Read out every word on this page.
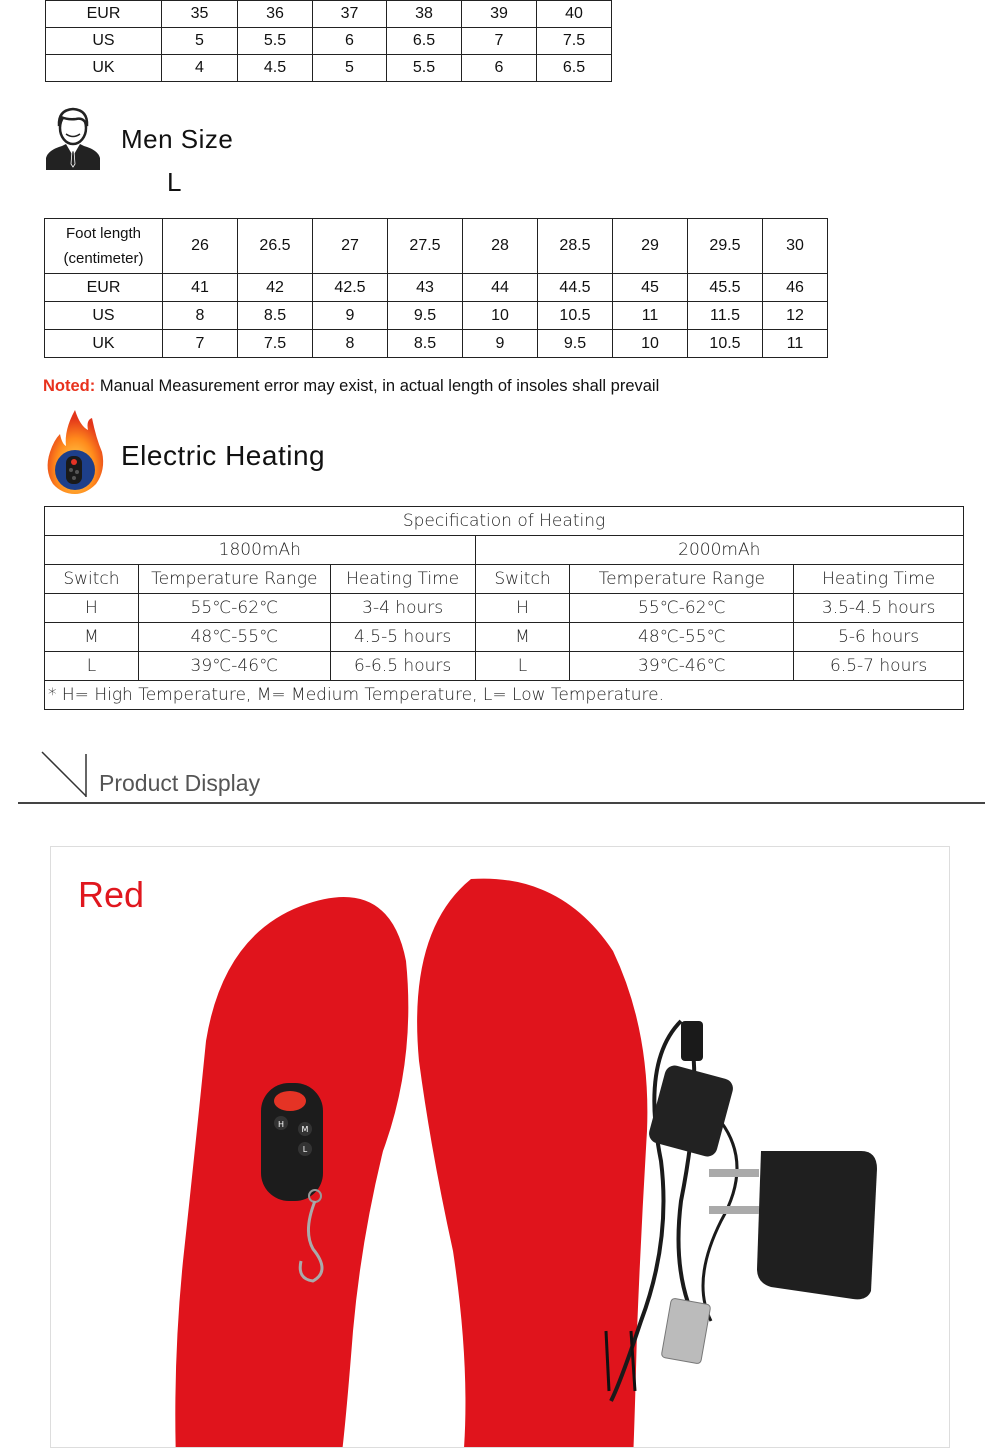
EUR	35	36	37	38	39	40
US	5	5.5	6	6.5	7	7.5
UK	4	4.5	5	5.5	6	6.5
Men Size
L
Foot length
(centimeter)	26	26.5	27	27.5	28	28.5	29	29.5	30
EUR	41	42	42.5	43	44	44.5	45	45.5	46
US	8	8.5	9	9.5	10	10.5	11	11.5	12
UK	7	7.5	8	8.5	9	9.5	10	10.5	11
Noted: Manual Measurement error may exist, in actual length of insoles shall prevail
Electric Heating
Specification of Heating					
1800mAh			2000mAh		
Switch	Temperature Range	Heating Time	Switch	Temperature Range	Heating Time
H	55℃-62℃	3-4 hours	H	55℃-62℃	3.5-4.5 hours
M	48℃-55℃	4.5-5 hours	M	48℃-55℃	5-6 hours
L	39℃-46℃	6-6.5 hours	L	39℃-46℃	6.5-7 hours
* H= High Temperature, M= Medium Temperature, L= Low Temperature.					
Product Display
H
M
L
Red
